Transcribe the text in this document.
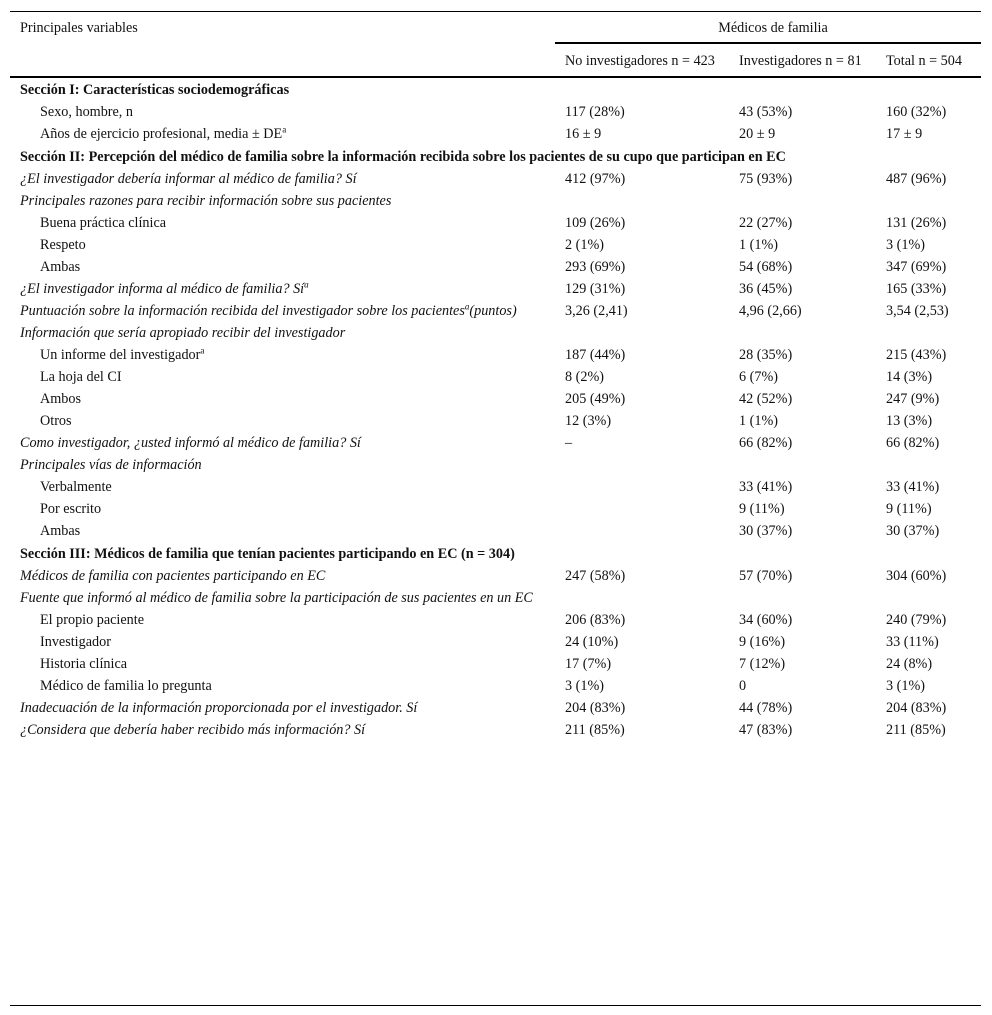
Principales variables	Médicos de familia		
	No investigadores n = 423	Investigadores n = 81	Total n = 504
Sección I: Características sociodemográficas			
Sexo, hombre, n	117 (28%)	43 (53%)	160 (32%)
Años de ejercicio profesional, media ± $DE^a$	16 ± 9	20 ± 9	17 ± 9
Sección II: Percepción del médico de familia sobre la información recibida sobre los pacientes de su cupo que participan en EC			
¿El investigador debería informar al médico de familia? Sí	412 (97%)	75 (93%)	487 (96%)
Principales razones para recibir información sobre sus pacientes			
Buena práctica clínica	109 (26%)	22 (27%)	131 (26%)
Respeto	2 (1%)	1 (1%)	3 (1%)
Ambas	293 (69%)	54 (68%)	347 (69%)
¿El investigador informa al médico de familia? $Sí^a$	129 (31%)	36 (45%)	165 (33%)
Puntuación sobre la información recibida del investigador sobre los pacientes$^a$(puntos)	3,26 (2,41)	4,96 (2,66)	3,54 (2,53)
Información que sería apropiado recibir del investigador			
Un informe del investigador$^a$	187 (44%)	28 (35%)	215 (43%)
La hoja del CI	8 (2%)	6 (7%)	14 (3%)
Ambos	205 (49%)	42 (52%)	247 (9%)
Otros	12 (3%)	1 (1%)	13 (3%)
Como investigador, ¿usted informó al médico de familia? Sí	–	66 (82%)	66 (82%)
Principales vías de información			
Verbalmente		33 (41%)	33 (41%)
Por escrito		9 (11%)	9 (11%)
Ambas		30 (37%)	30 (37%)
Sección III: Médicos de familia que tenían pacientes participando en EC (n = 304)			
Médicos de familia con pacientes participando en EC	247 (58%)	57 (70%)	304 (60%)
Fuente que informó al médico de familia sobre la participación de sus pacientes en un EC			
El propio paciente	206 (83%)	34 (60%)	240 (79%)
Investigador	24 (10%)	9 (16%)	33 (11%)
Historia clínica	17 (7%)	7 (12%)	24 (8%)
Médico de familia lo pregunta	3 (1%)	0	3 (1%)
Inadecuación de la información proporcionada por el investigador. Sí	204 (83%)	44 (78%)	204 (83%)
¿Considera que debería haber recibido más información? Sí	211 (85%)	47 (83%)	211 (85%)
